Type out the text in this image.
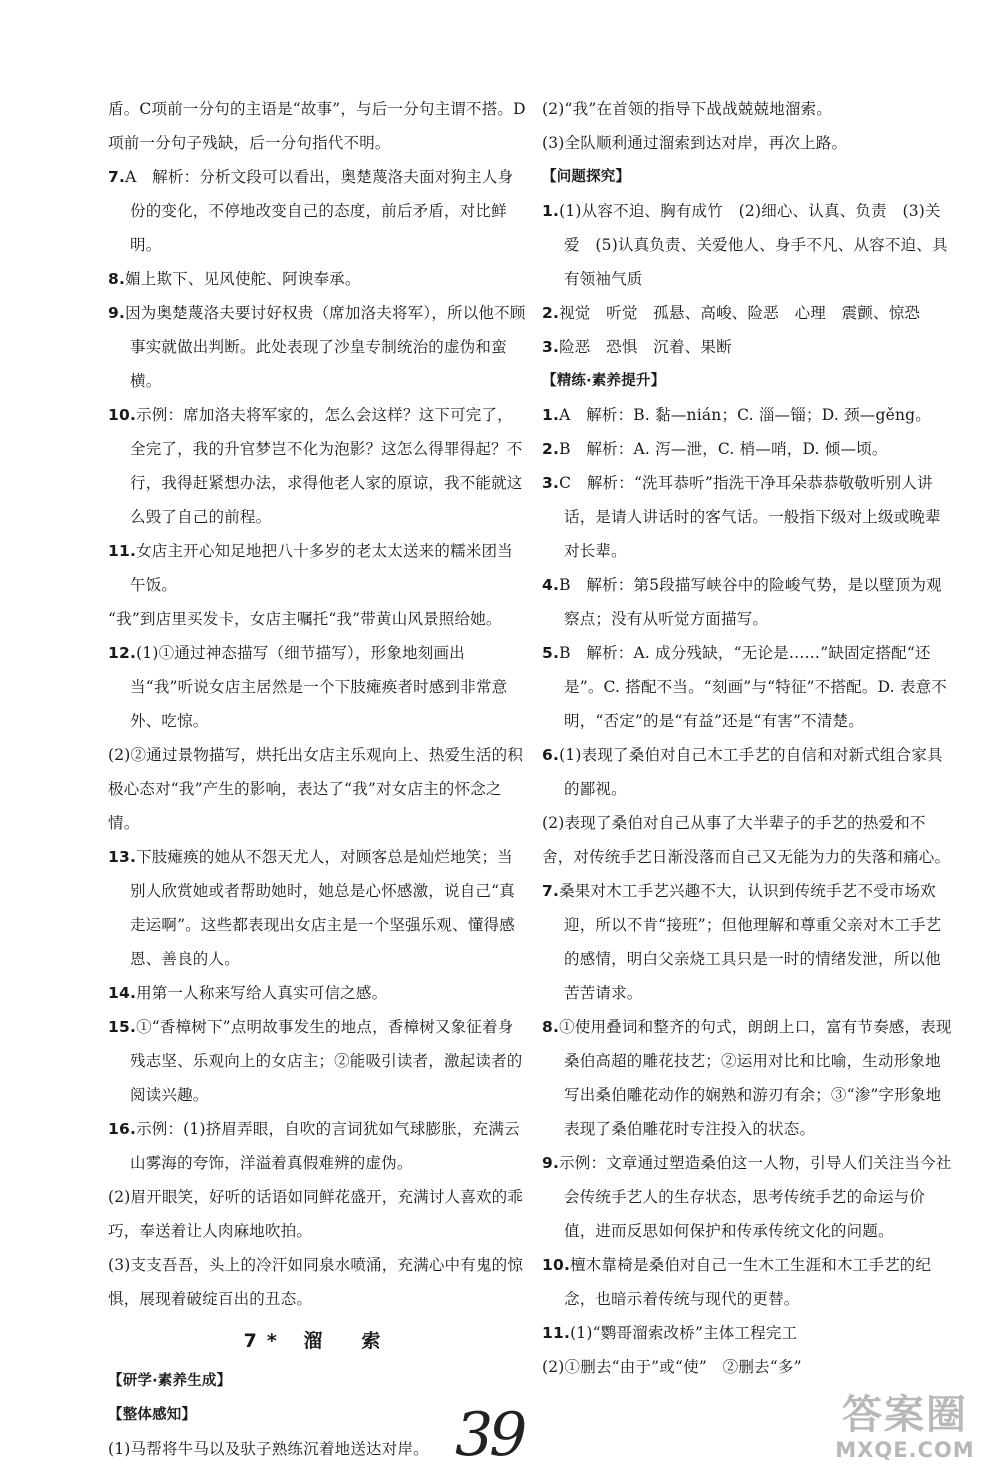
盾。C项前一分句的主语是“故事”，与后一分句主谓不搭。D项前一分句子残缺，后一分句指代不明。

7.A　解析：分析文段可以看出，奥楚蔑洛夫面对狗主人身份的变化，不停地改变自己的态度，前后矛盾，对比鲜明。

8.媚上欺下、见风使舵、阿谀奉承。

9.因为奥楚蔑洛夫要讨好权贵（席加洛夫将军），所以他不顾事实就做出判断。此处表现了沙皇专制统治的虚伪和蛮横。

10.示例：席加洛夫将军家的，怎么会这样？这下可完了，全完了，我的升官梦岂不化为泡影？这怎么得罪得起？不行，我得赶紧想办法，求得他老人家的原谅，我不能就这么毁了自己的前程。

11.女店主开心知足地把八十多岁的老太太送来的糯米团当午饭。

“我”到店里买发卡，女店主嘱托“我”带黄山风景照给她。

12.(1)①通过神态描写（细节描写），形象地刻画出当“我”听说女店主居然是一个下肢瘫痪者时感到非常意外、吃惊。

(2)②通过景物描写，烘托出女店主乐观向上、热爱生活的积极心态对“我”产生的影响，表达了“我”对女店主的怀念之情。

13.下肢瘫痪的她从不怨天尤人，对顾客总是灿烂地笑；当别人欣赏她或者帮助她时，她总是心怀感激，说自己“真走运啊”。这些都表现出女店主是一个坚强乐观、懂得感恩、善良的人。

14.用第一人称来写给人真实可信之感。

15.①“香樟树下”点明故事发生的地点，香樟树又象征着身残志坚、乐观向上的女店主；②能吸引读者，激起读者的阅读兴趣。

16.示例：(1)挤眉弄眼，自吹的言词犹如气球膨胀，充满云山雾海的夸饰，洋溢着真假难辨的虚伪。

(2)眉开眼笑，好听的话语如同鲜花盛开，充满讨人喜欢的乖巧，奉送着让人肉麻地吹拍。

(3)支支吾吾，头上的冷汗如同泉水喷涌，充满心中有鬼的惊惧，展现着破绽百出的丑态。

7* 溜　索

【研学·素养生成】

【整体感知】

(1)马帮将牛马以及驮子熟练沉着地送达对岸。

(2)“我”在首领的指导下战战兢兢地溜索。

(3)全队顺利通过溜索到达对岸，再次上路。

【问题探究】

1.(1)从容不迫、胸有成竹　(2)细心、认真、负责　(3)关爱　(5)认真负责、关爱他人、身手不凡、从容不迫、具有领袖气质

2.视觉　听觉　孤悬、高峻、险恶　心理　震颤、惊恐

3.险恶　恐惧　沉着、果断

【精练·素养提升】

1.A　解析：B. 黏—nián；C. 淄—锱；D. 颈—gěng。

2.B　解析：A. 泻—泄，C. 梢—哨，D. 倾—顷。

3.C　解析：“洗耳恭听”指洗干净耳朵恭恭敬敬听别人讲话，是请人讲话时的客气话。一般指下级对上级或晚辈对长辈。

4.B　解析：第5段描写峡谷中的险峻气势，是以壁顶为观察点；没有从听觉方面描写。

5.B　解析：A. 成分残缺，“无论是……”缺固定搭配“还是”。C. 搭配不当。“刻画”与“特征”不搭配。D. 表意不明，“否定”的是“有益”还是“有害”不清楚。

6.(1)表现了桑伯对自己木工手艺的自信和对新式组合家具的鄙视。

(2)表现了桑伯对自己从事了大半辈子的手艺的热爱和不舍，对传统手艺日渐没落而自己又无能为力的失落和痛心。

7.桑果对木工手艺兴趣不大，认识到传统手艺不受市场欢迎，所以不肯“接班”；但他理解和尊重父亲对木工手艺的感情，明白父亲烧工具只是一时的情绪发泄，所以他苦苦请求。

8.①使用叠词和整齐的句式，朗朗上口，富有节奏感，表现桑伯高超的雕花技艺；②运用对比和比喻，生动形象地写出桑伯雕花动作的娴熟和游刃有余；③“渗”字形象地表现了桑伯雕花时专注投入的状态。

9.示例：文章通过塑造桑伯这一人物，引导人们关注当今社会传统手艺人的生存状态，思考传统手艺的命运与价值，进而反思如何保护和传承传统文化的问题。

10.檀木靠椅是桑伯对自己一生木工生涯和木工手艺的纪念，也暗示着传统与现代的更替。

11.(1)“鹦哥溜索改桥”主体工程完工

(2)①删去“由于”或“使”　②删去“多”

39	答案圈
MXQE.COM
